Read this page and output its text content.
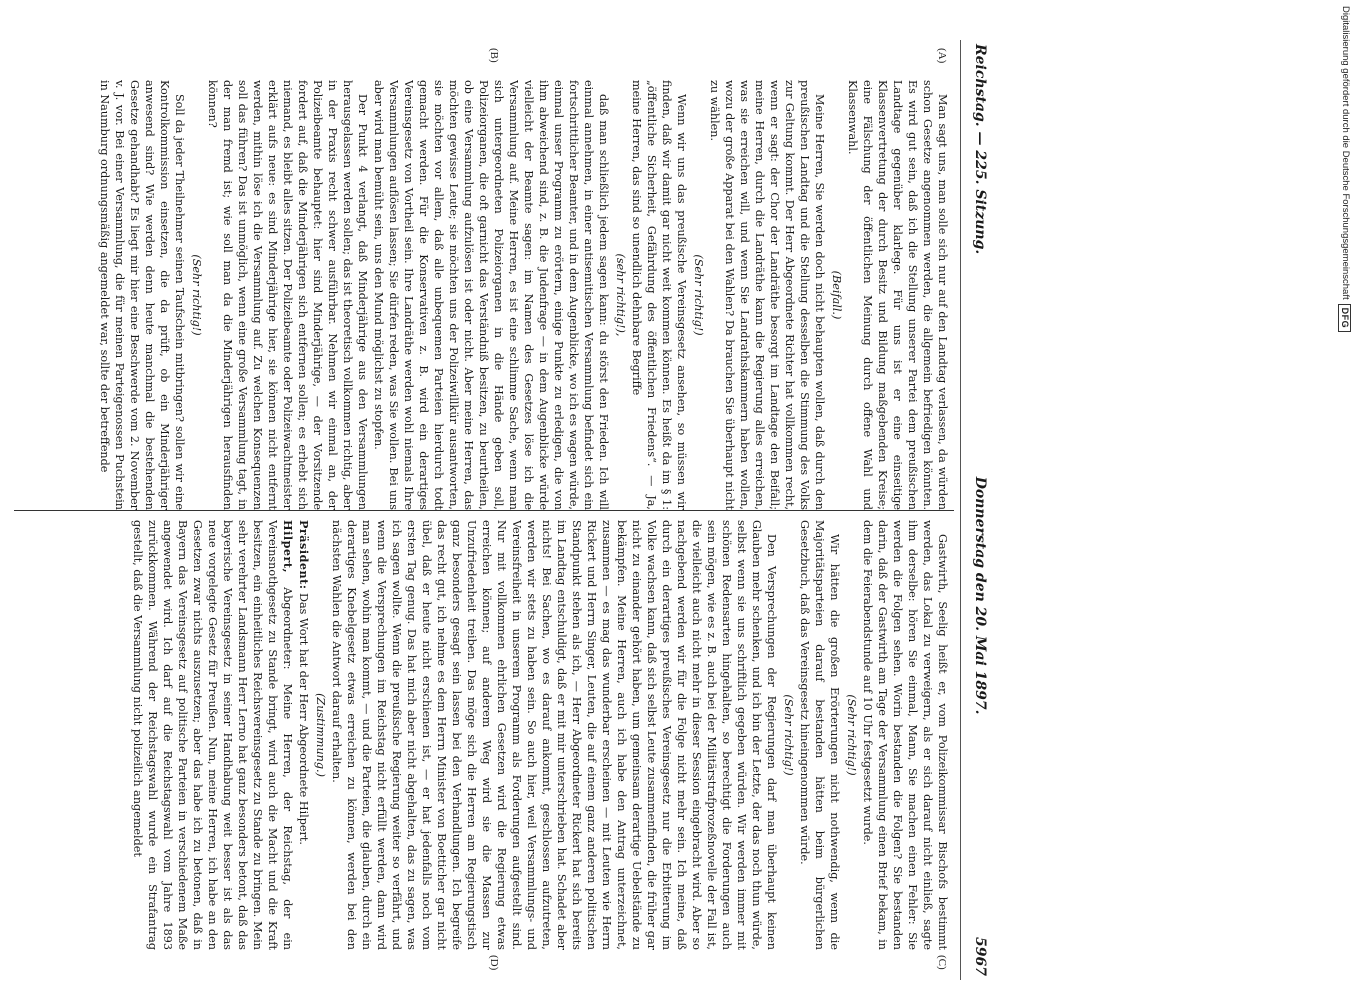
Digitalisierung gefördert durch die Deutsche Forschungsgemeinschaft
DFG
Reichstag. — 225. Sitzung.
Donnerstag den 20. Mai 1897.
5967
(A)
(B)
(C)
(D)

Man sagt uns, man solle sich nur auf den Landtag verlassen, da würden schon Gesetze angenommen werden, die allgemein befriedigen könnten. Es wird gut sein, daß ich die Stellung unserer Partei dem preußischen Landtage gegenüber klarlege. Für uns ist er eine einseitige Klassenvertretung der durch Besitz und Bildung maßgebenden Kreise; eine Fälschung der öffentlichen Meinung durch offene Wahl und Klassenwahl.

(Beifall.)

Meine Herren, Sie werden doch nicht behaupten wollen, daß durch den preußischen Landtag und die Stellung desselben die Stimmung des Volks zur Geltung kommt. Der Herr Abgeordnete Richter hat vollkommen recht, wenn er sagt: der Chor der Landräthe besorgt im Landtage den Beifall; meine Herren, durch die Landräthe kann die Regierung alles erreichen, was sie erreichen will, und wenn Sie Landrathskammern haben wollen, wozu der große Apparat bei den Wahlen? Da brauchen Sie überhaupt nicht zu wählen.

(Sehr richtig!)

Wenn wir uns das preußische Vereinsgesetz ansehen, so müssen wir finden, daß wir damit gar nicht weit kommen können. Es heißt da im § 1: „öffentliche Sicherheit, Gefährdung des öffentlichen Friedens“. — Ja, meine Herren, das sind so unendlich dehnbare Begriffe

(sehr richtig!),

daß man schließlich jedem sagen kann: du störst den Frieden. Ich will einmal annehmen, in einer antisemitischen Versammlung befindet sich ein fortschrittlicher Beamter, und in dem Augenblicke, wo ich es wagen würde, einmal unser Programm zu erörtern, einige Punkte zu erledigen, die von ihm abweichend sind, z. B. die Judenfrage — in dem Augenblicke würde vielleicht der Beamte sagen: im Namen des Gesetzes löse ich die Versammlung auf. Meine Herren, es ist eine schlimme Sache, wenn man sich untergeordneten Polizeiorganen in die Hände geben soll, Polizeiorganen, die oft garnicht das Verständniß besitzen, zu beurtheilen, ob eine Versammlung aufzulösen ist oder nicht. Aber meine Herren, das möchten gewisse Leute; sie möchten uns der Polizeiwillkür ausantworten, sie möchten vor allem, daß alle unbequemen Parteien hierdurch todt gemacht werden. Für die Konservativen z. B. wird ein derartiges Vereinsgesetz von Vortheil sein. Ihre Landräthe werden wohl niemals Ihre Versammlungen auflösen lassen; Sie dürfen reden, was Sie wollen. Bei uns aber wird man bemüht sein, uns den Mund möglichst zu stopfen.

Der Punkt 4 verlangt, daß Minderjährige aus den Versammlungen herausgelassen werden sollen; das ist theoretisch vollkommen richtig, aber in der Praxis recht schwer ausführbar. Nehmen wir einmal an, der Polizeibeamte behauptet: hier sind Minderjährige, — der Vorsitzende fordert auf, daß die Minderjährigen sich entfernen sollen; es erhebt sich niemand, es bleibt alles sitzen. Der Polizeibeamte oder Polizeiwachtmeister erklärt aufs neue: es sind Minderjährige hier, sie können nicht entfernt werden, mithin löse ich die Versammlung auf. Zu welchen Konsequenzen soll das führen? Das ist unmöglich, wenn eine große Versammlung tagt, in der man fremd ist; wie soll man da die Minderjährigen herausfinden können?

(Sehr richtig!)

Soll da jeder Theilnehmer seinen Taufschein mitbringen? sollen wir eine Kontrolkommission einsetzen, die da prüft, ob ein Minderjähriger anwesend sind? Wie werden denn heute manchmal die bestehenden Gesetze gehandhabt? Es liegt mir hier eine Beschwerde vom 2. November v. J. vor. Bei einer Versammlung, die für meinen Parteigenossen Puchstein in Naumburg ordnungsmäßig angemeldet war, sollte der betreffende

Gastwirth, Seelig heißt er, vom Polizeikommissar Bischofs bestimmt werden, das Lokal zu verweigern, als er sich darauf nicht einließ, sagte ihm derselbe: hören Sie einmal, Mann, Sie machen einen Fehler: Sie werden die Folgen sehen. Worin bestanden die Folgen? Sie bestanden darin, daß der Gastwirth am Tage der Versammlung einen Brief bekam, in dem die Feierabendstunde auf 10 Uhr festgesetzt wurde.

(Sehr richtig!)

Wir hätten die großen Erörterungen nicht nothwendig, wenn die Majoritätsparteien darauf bestanden hätten beim bürgerlichen Gesetzbuch, daß das Vereinsgesetz hineingenommen würde.

(Sehr richtig!)

Den Versprechungen der Regierungen darf man überhaupt keinen Glauben mehr schenken, und ich bin der Letzte, der das noch thun würde, selbst wenn sie uns schriftlich gegeben würden. Wir werden immer mit schönen Redensarten hingehalten, so berechtigt die Forderungen auch sein mögen, wie es z. B. auch bei der Militärstrafprozeßnovelle der Fall ist, die vielleicht auch nicht mehr in dieser Session eingebracht wird. Aber so nachgebend werden wir für die Folge nicht mehr sein. Ich meine, daß durch ein derartiges preußisches Vereinsgesetz nur die Erbitterung im Volke wachsen kann, daß sich selbst Leute zusammenfinden, die früher gar nicht zu einander gehört haben, um gemeinsam derartige Uebelstände zu bekämpfen. Meine Herren, auch ich habe den Antrag unterzeichnet, zusammen — es mag das wunderbar erscheinen — mit Leuten wie Herrn Rickert und Herrn Singer, Leuten, die auf einem ganz anderen politischen Standpunkt stehen als ich, — Herr Abgeordneter Rickert hat sich bereits im Landtag entschuldigt, daß er mit mir unterschrieben hat. Schadet aber nichts! Bei Sachen, wo es darauf ankommt, geschlossen aufzutreten, werden wir stets zu haben sein. So auch hier, weil Versammlungs- und Vereinsfreiheit in unserem Programm als Forderungen aufgestellt sind. Nur mit vollkommen ehrlichen Gesetzen wird die Regierung etwas erreichen können; auf anderem Weg wird sie die Massen zur Unzufriedenheit treiben. Das möge sich die Herren am Regierungstisch ganz besonders gesagt sein lassen bei den Verhandlungen. Ich begreife das recht gut, ich nehme es dem Herrn Minister von Boetticher gar nicht übel, daß er heute nicht erschienen ist, — er hat jedenfalls noch vom ersten Tag genug. Das hat mich aber nicht abgehalten, das zu sagen, was ich sagen wollte. Wenn die preußische Regierung weiter so verfährt, und wenn die Versprechungen im Reichstag nicht erfüllt werden, dann wird man sehen, wohin man kommt, — und die Parteien, die glauben, durch ein derartiges Knebelgesetz etwas erreichen zu können, werden bei den nächsten Wahlen die Antwort darauf erhalten.

(Zustimmung.)

Präsident: Das Wort hat der Herr Abgeordnete Hilpert.

Hilpert, Abgeordneter: Meine Herren, der Reichstag, der ein Vereinsnothgesetz zu Stande bringt, wird auch die Macht und die Kraft besitzen, ein einheitliches Reichsvereinsgesetz zu Stande zu bringen. Mein sehr verehrter Landsmann Herr Lerno hat ganz besonders betont, daß das bayerische Vereinsgesetz in seiner Handhabung weit besser ist als das neue vorgelegte Gesetz für Preußen. Nun, meine Herren, ich habe an den Gesetzen zwar nichts auszusetzen; aber das habe ich zu betonen, daß in Bayern das Vereinsgesetz auf politische Parteien in verschiedenem Maße angewendet wird. Ich darf auf die Reichstagswahl vom Jahre 1893 zurückkommen. Während der Reichstagswahl wurde ein Strafantrag gestellt, daß die Versammlung nicht polizeilich angemeldet
